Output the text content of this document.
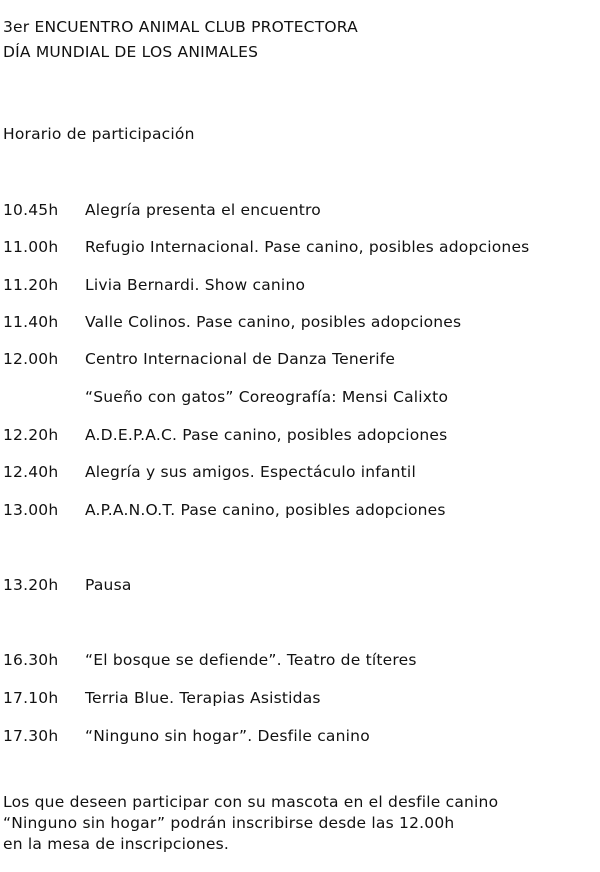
3er ENCUENTRO ANIMAL CLUB PROTECTORA
DÍA MUNDIAL DE LOS ANIMALES
Horario de participación
10.45h Alegría presenta el encuentro
11.00h Refugio Internacional. Pase canino, posibles adopciones
11.20h Livia Bernardi. Show canino
11.40h Valle Colinos. Pase canino, posibles adopciones
12.00h Centro Internacional de Danza Tenerife
“Sueño con gatos” Coreografía: Mensi Calixto
12.20h A.D.E.P.A.C. Pase canino, posibles adopciones
12.40h Alegría y sus amigos. Espectáculo infantil
13.00h A.P.A.N.O.T. Pase canino, posibles adopciones
13.20hPausa
16.30h “El bosque se defiende”. Teatro de títeres
17.10h Terria Blue. Terapias Asistidas
17.30h “Ninguno sin hogar”. Desfile canino
Los que deseen participar con su mascota en el desfile canino
“Ninguno sin hogar” podrán inscribirse desde las 12.00h
en la mesa de inscripciones.
